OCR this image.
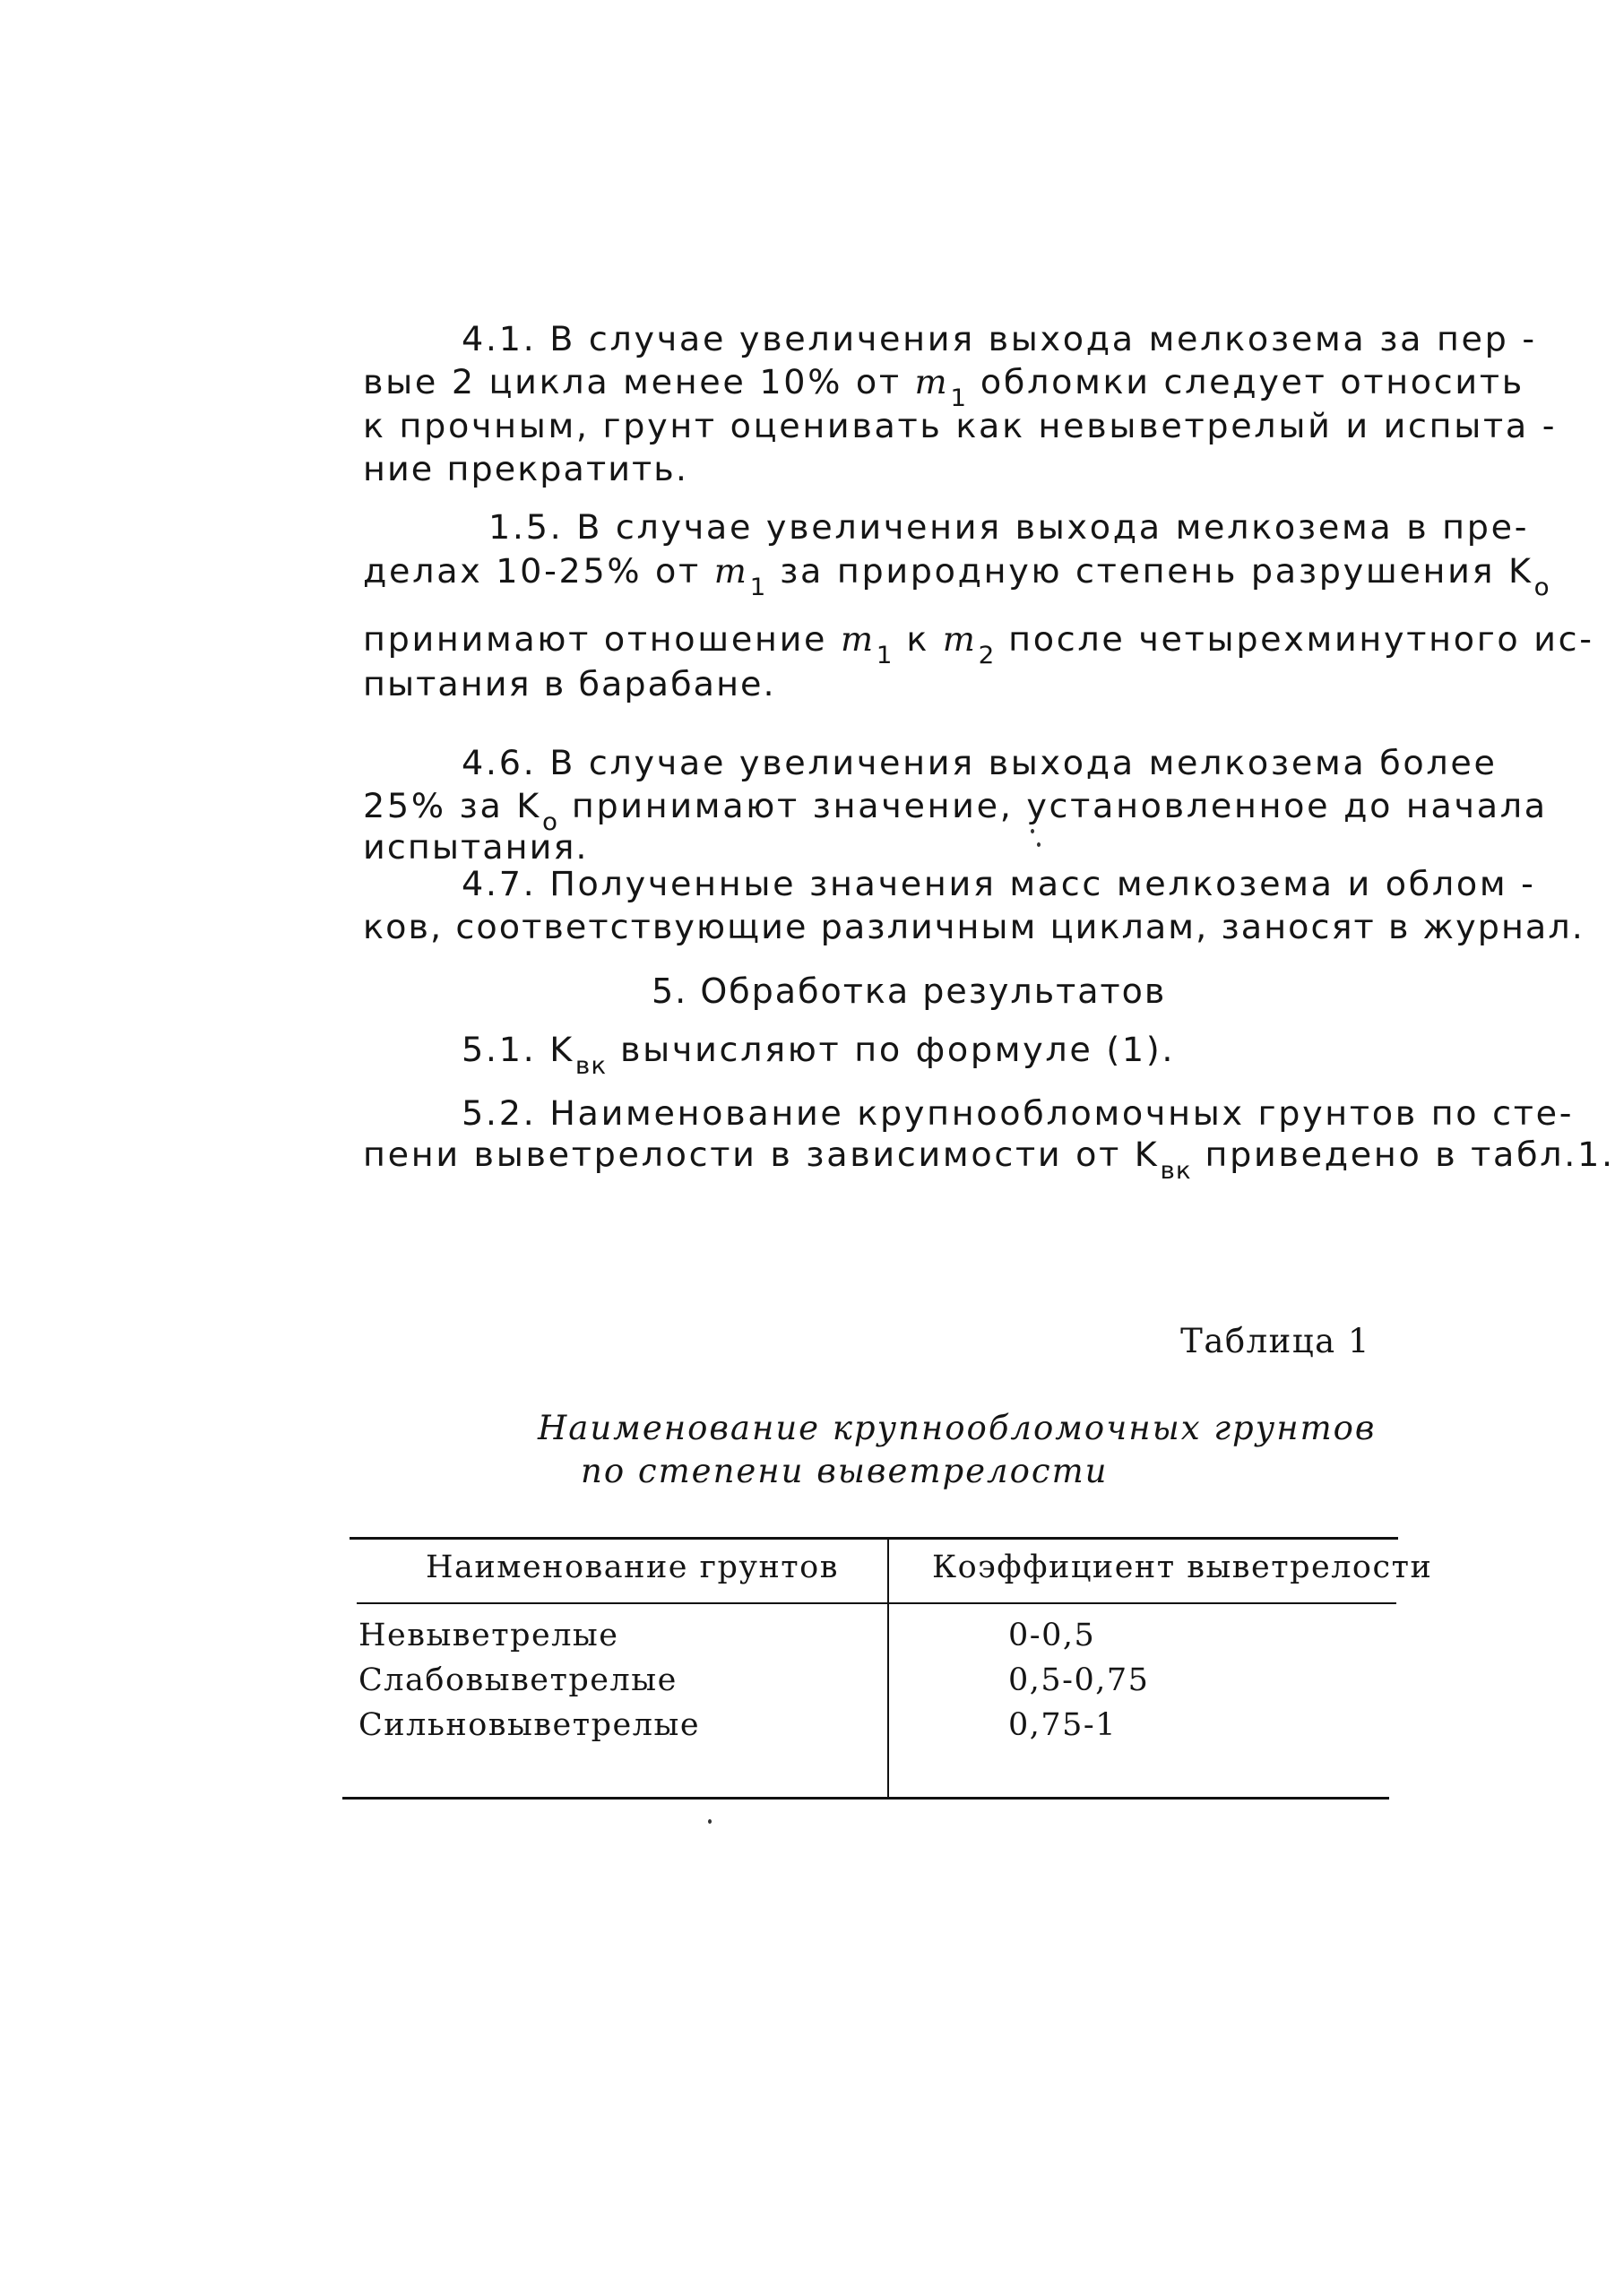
4.1. В случае увеличения выхода мелкозема за пер -
вые 2 цикла менее 10% от $m_1$ обломки следует относить
к прочным, грунт оценивать как невыветрелый и испыта -
ние прекратить.
1.5. В случае увеличения выхода мелкозема в пре-
делах 10-25% от $m_1$ за природную степень разрушения $K_о$
принимают отношение $m_1$ к $m_2$ после четырехминутного ис-
пытания в барабане.
4.6. В случае увеличения выхода мелкозема более
25% за $K_о$ принимают значение, установленное до начала
испытания.
4.7. Полученные значения масс мелкозема и облом -
ков, соответствующие различным циклам, заносят в журнал.
5. Обработка результатов
5.1. $K_{вк}$ вычисляют по формуле (1).
5.2. Наименование крупнообломочных грунтов по сте-
пени выветрелости в зависимости от $K_{вк}$ приведено в табл.1.
Таблица 1
Наименование крупнообломочных грунтов
по степени выветрелости
Наименование грунтов	Коэффициент выветрелости
Невыветрелые	0-0,5
Слабовыветрелые	0,5-0,75
Сильновыветрелые	0,75-1
